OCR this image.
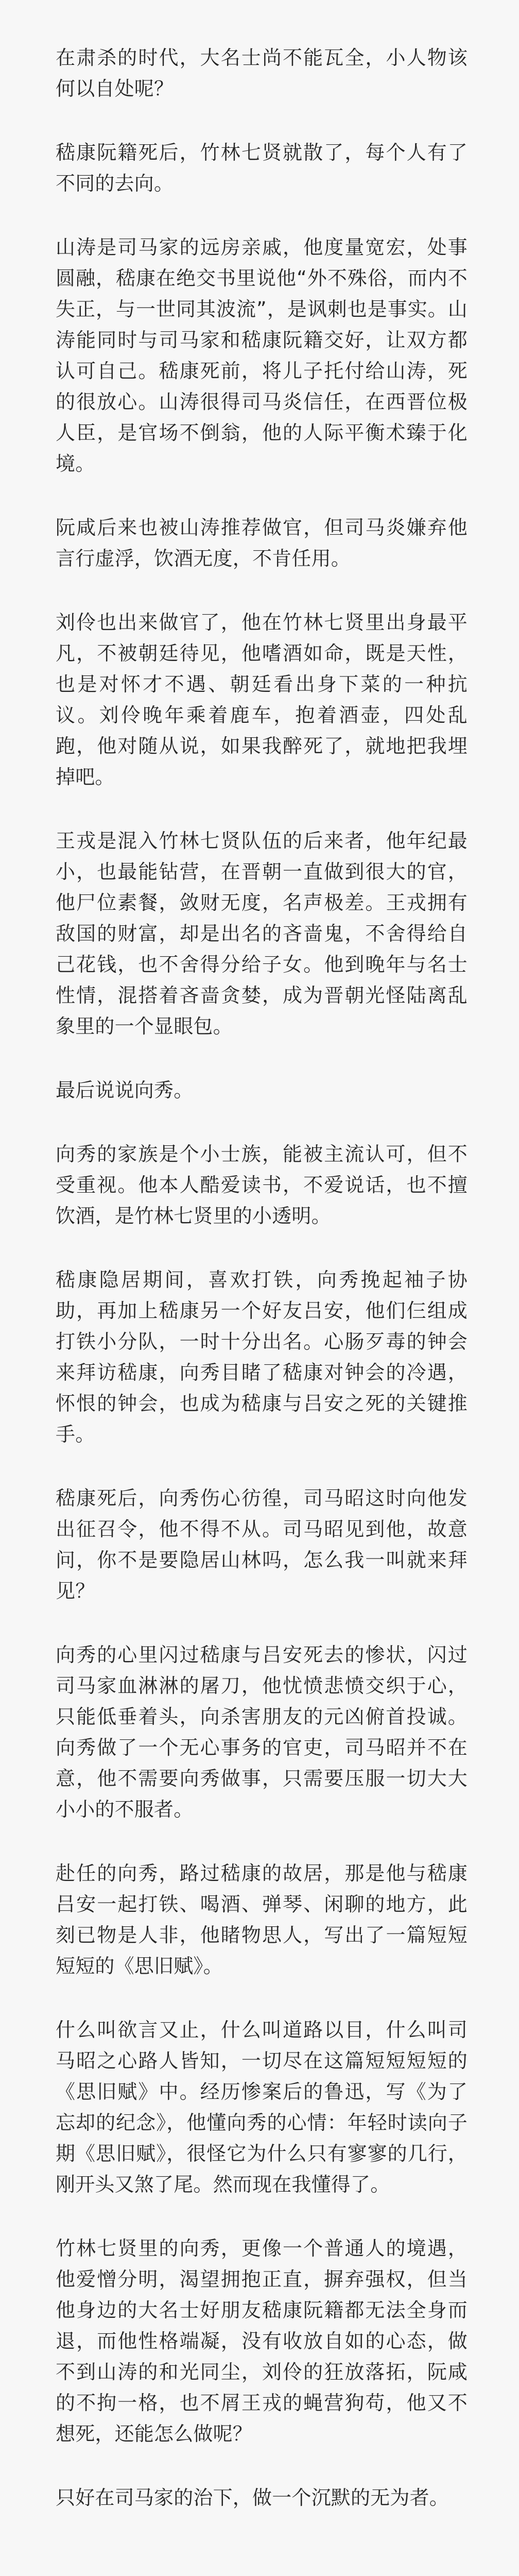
在肃杀的时代，大名士尚不能瓦全，小人物该何以自处呢？

嵇康阮籍死后，竹林七贤就散了，每个人有了不同的去向。

山涛是司马家的远房亲戚，他度量宽宏，处事圆融，嵇康在绝交书里说他“外不殊俗，而内不失正，与一世同其波流”，是讽刺也是事实。山涛能同时与司马家和嵇康阮籍交好，让双方都认可自己。嵇康死前，将儿子托付给山涛，死的很放心。山涛很得司马炎信任，在西晋位极人臣，是官场不倒翁，他的人际平衡术臻于化境。

阮咸后来也被山涛推荐做官，但司马炎嫌弃他言行虚浮，饮酒无度，不肯任用。

刘伶也出来做官了，他在竹林七贤里出身最平凡，不被朝廷待见，他嗜酒如命，既是天性，也是对怀才不遇、朝廷看出身下菜的一种抗议。刘伶晚年乘着鹿车，抱着酒壶，四处乱跑，他对随从说，如果我醉死了，就地把我埋掉吧。

王戎是混入竹林七贤队伍的后来者，他年纪最小，也最能钻营，在晋朝一直做到很大的官，他尸位素餐，敛财无度，名声极差。王戎拥有敌国的财富，却是出名的吝啬鬼，不舍得给自己花钱，也不舍得分给子女。他到晚年与名士性情，混搭着吝啬贪婪，成为晋朝光怪陆离乱象里的一个显眼包。

最后说说向秀。

向秀的家族是个小士族，能被主流认可，但不受重视。他本人酷爱读书，不爱说话，也不擅饮酒，是竹林七贤里的小透明。

嵇康隐居期间，喜欢打铁，向秀挽起袖子协助，再加上嵇康另一个好友吕安，他们仨组成打铁小分队，一时十分出名。心肠歹毒的钟会来拜访嵇康，向秀目睹了嵇康对钟会的冷遇，怀恨的钟会，也成为嵇康与吕安之死的关键推手。

嵇康死后，向秀伤心彷徨，司马昭这时向他发出征召令，他不得不从。司马昭见到他，故意问，你不是要隐居山林吗，怎么我一叫就来拜见？

向秀的心里闪过嵇康与吕安死去的惨状，闪过司马家血淋淋的屠刀，他忧愤悲愤交织于心，只能低垂着头，向杀害朋友的元凶俯首投诚。向秀做了一个无心事务的官吏，司马昭并不在意，他不需要向秀做事，只需要压服一切大大小小的不服者。

赴任的向秀，路过嵇康的故居，那是他与嵇康吕安一起打铁、喝酒、弹琴、闲聊的地方，此刻已物是人非，他睹物思人，写出了一篇短短短短的《思旧赋》。

什么叫欲言又止，什么叫道路以目，什么叫司马昭之心路人皆知，一切尽在这篇短短短短的《思旧赋》中。经历惨案后的鲁迅，写《为了忘却的纪念》，他懂向秀的心情：年轻时读向子期《思旧赋》，很怪它为什么只有寥寥的几行，刚开头又煞了尾。然而现在我懂得了。

竹林七贤里的向秀，更像一个普通人的境遇，他爱憎分明，渴望拥抱正直，摒弃强权，但当他身边的大名士好朋友嵇康阮籍都无法全身而退，而他性格端凝，没有收放自如的心态，做不到山涛的和光同尘，刘伶的狂放落拓，阮咸的不拘一格，也不屑王戎的蝇营狗苟，他又不想死，还能怎么做呢？

只好在司马家的治下，做一个沉默的无为者。
